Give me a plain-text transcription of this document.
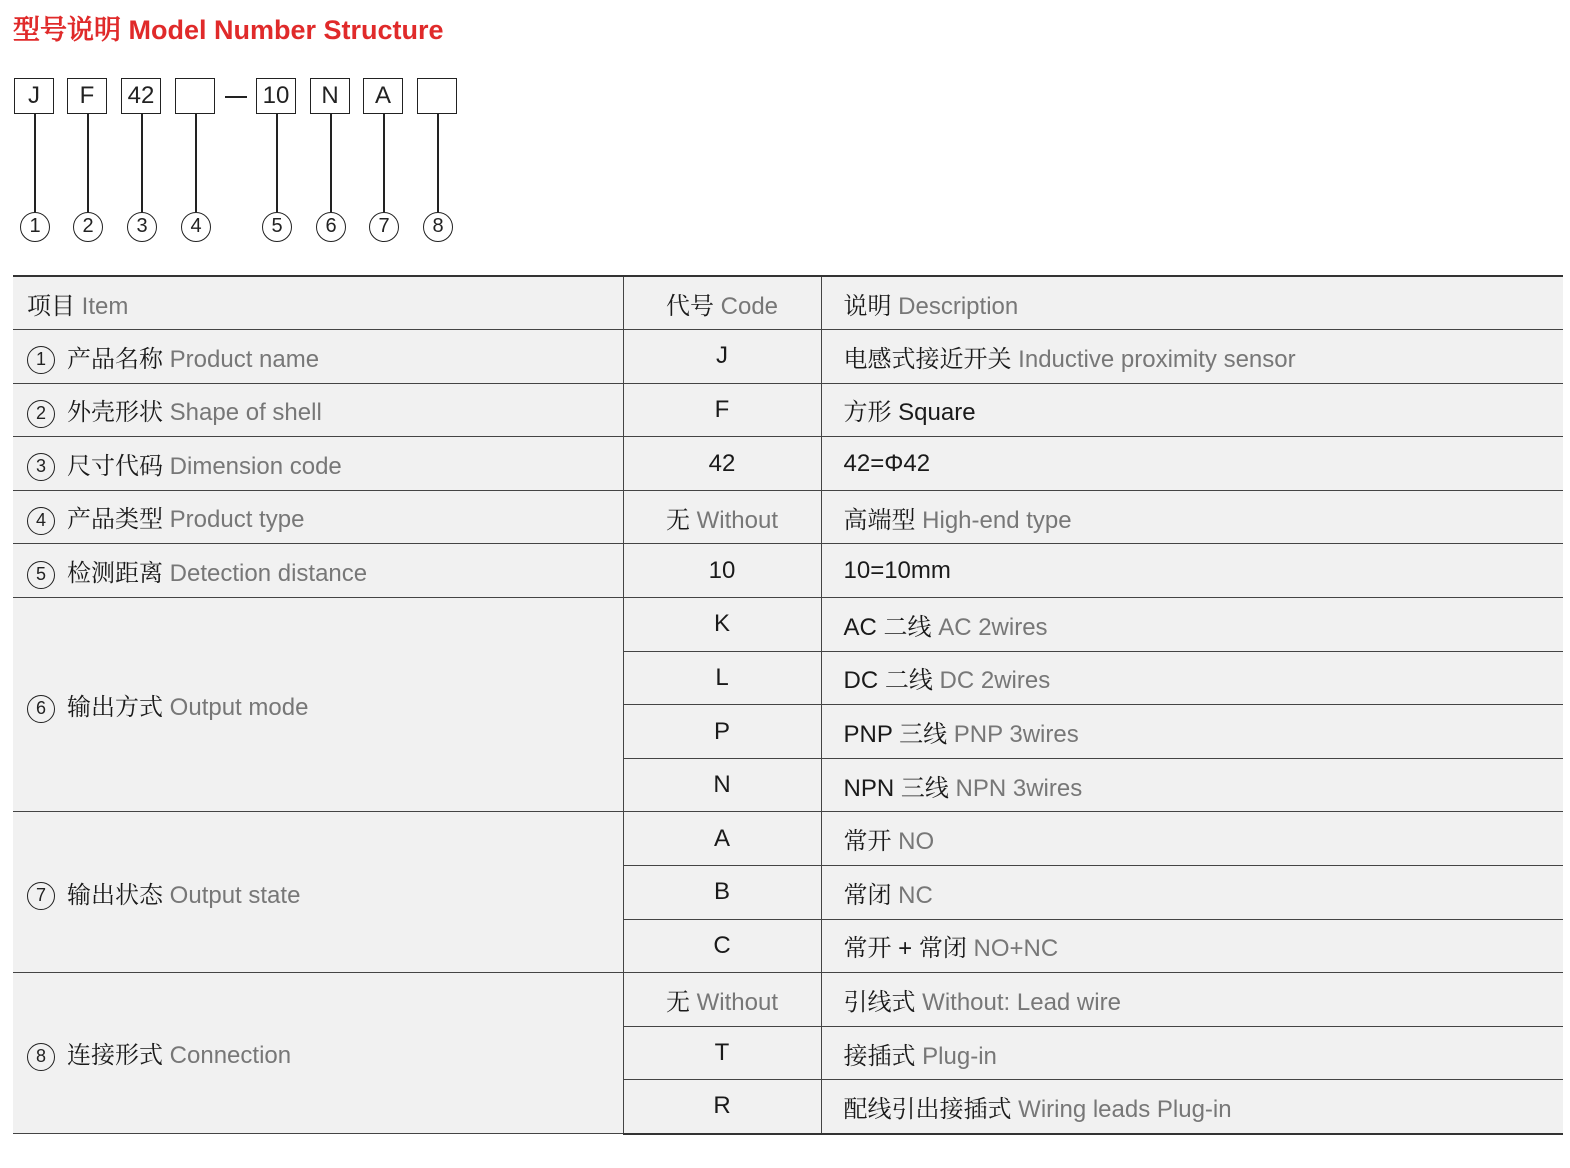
型号说明 Model Number Structure
J	F	42	10	N	A
1	2	3	4	5	6	7	8
项目 Item	代号 Code	说明 Description
1 产品名称 Product name	J	电感式接近开关 Inductive proximity sensor
2 外壳形状 Shape of shell	F	方形 Square
3 尺寸代码 Dimension code	42	42=Φ42
4 产品类型 Product type	无 Without	高端型 High-end type
5 检测距离 Detection distance	10	10=10mm
6 输出方式 Output mode	K	AC 二线 AC 2wires
	L	DC 二线 DC 2wires
	P	PNP 三线 PNP 3wires
	N	NPN 三线 NPN 3wires
7 输出状态 Output state	A	常开 NO
	B	常闭 NC
	C	常开 + 常闭 NO+NC
8 连接形式 Connection	无 Without	引线式 Without: Lead wire
	T	接插式 Plug-in
	R	配线引出接插式 Wiring leads Plug-in
